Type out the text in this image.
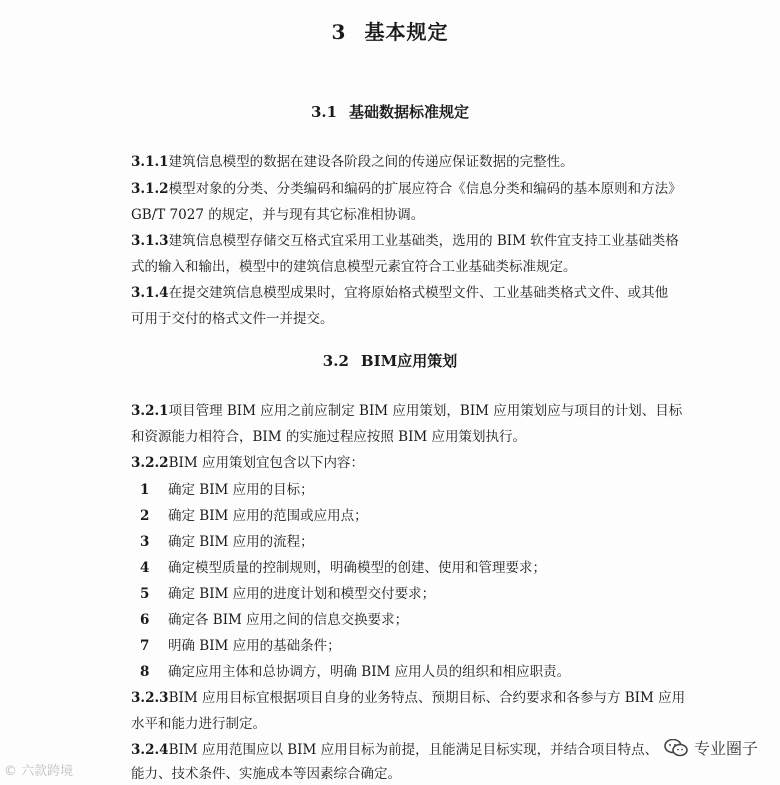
3 基本规定
3.1 基础数据标准规定
3.1.1建筑信息模型的数据在建设各阶段之间的传递应保证数据的完整性。
3.1.2模型对象的分类、分类编码和编码的扩展应符合《信息分类和编码的基本原则和方法》
GB/T 7027 的规定，并与现有其它标准相协调。
3.1.3建筑信息模型存储交互格式宜采用工业基础类，选用的 BIM 软件宜支持工业基础类格
式的输入和输出，模型中的建筑信息模型元素宜符合工业基础类标准规定。
3.1.4在提交建筑信息模型成果时，宜将原始格式模型文件、工业基础类格式文件、或其他
可用于交付的格式文件一并提交。
3.2 BIM应用策划
3.2.1项目管理 BIM 应用之前应制定 BIM 应用策划，BIM 应用策划应与项目的计划、目标
和资源能力相符合，BIM 的实施过程应按照 BIM 应用策划执行。
3.2.2BIM 应用策划宜包含以下内容：
1 确定 BIM 应用的目标；
2 确定 BIM 应用的范围或应用点；
3 确定 BIM 应用的流程；
4 确定模型质量的控制规则，明确模型的创建、使用和管理要求；
5 确定 BIM 应用的进度计划和模型交付要求；
6 确定各 BIM 应用之间的信息交换要求；
7 明确 BIM 应用的基础条件；
8 确定应用主体和总协调方，明确 BIM 应用人员的组织和相应职责。
3.2.3BIM 应用目标宜根据项目自身的业务特点、预期目标、合约要求和各参与方 BIM 应用
水平和能力进行制定。
3.2.4BIM 应用范围应以 BIM 应用目标为前提，且能满足目标实现，并结合项目特点、
能力、技术条件、实施成本等因素综合确定。
© 六款跨境
专业圈子
